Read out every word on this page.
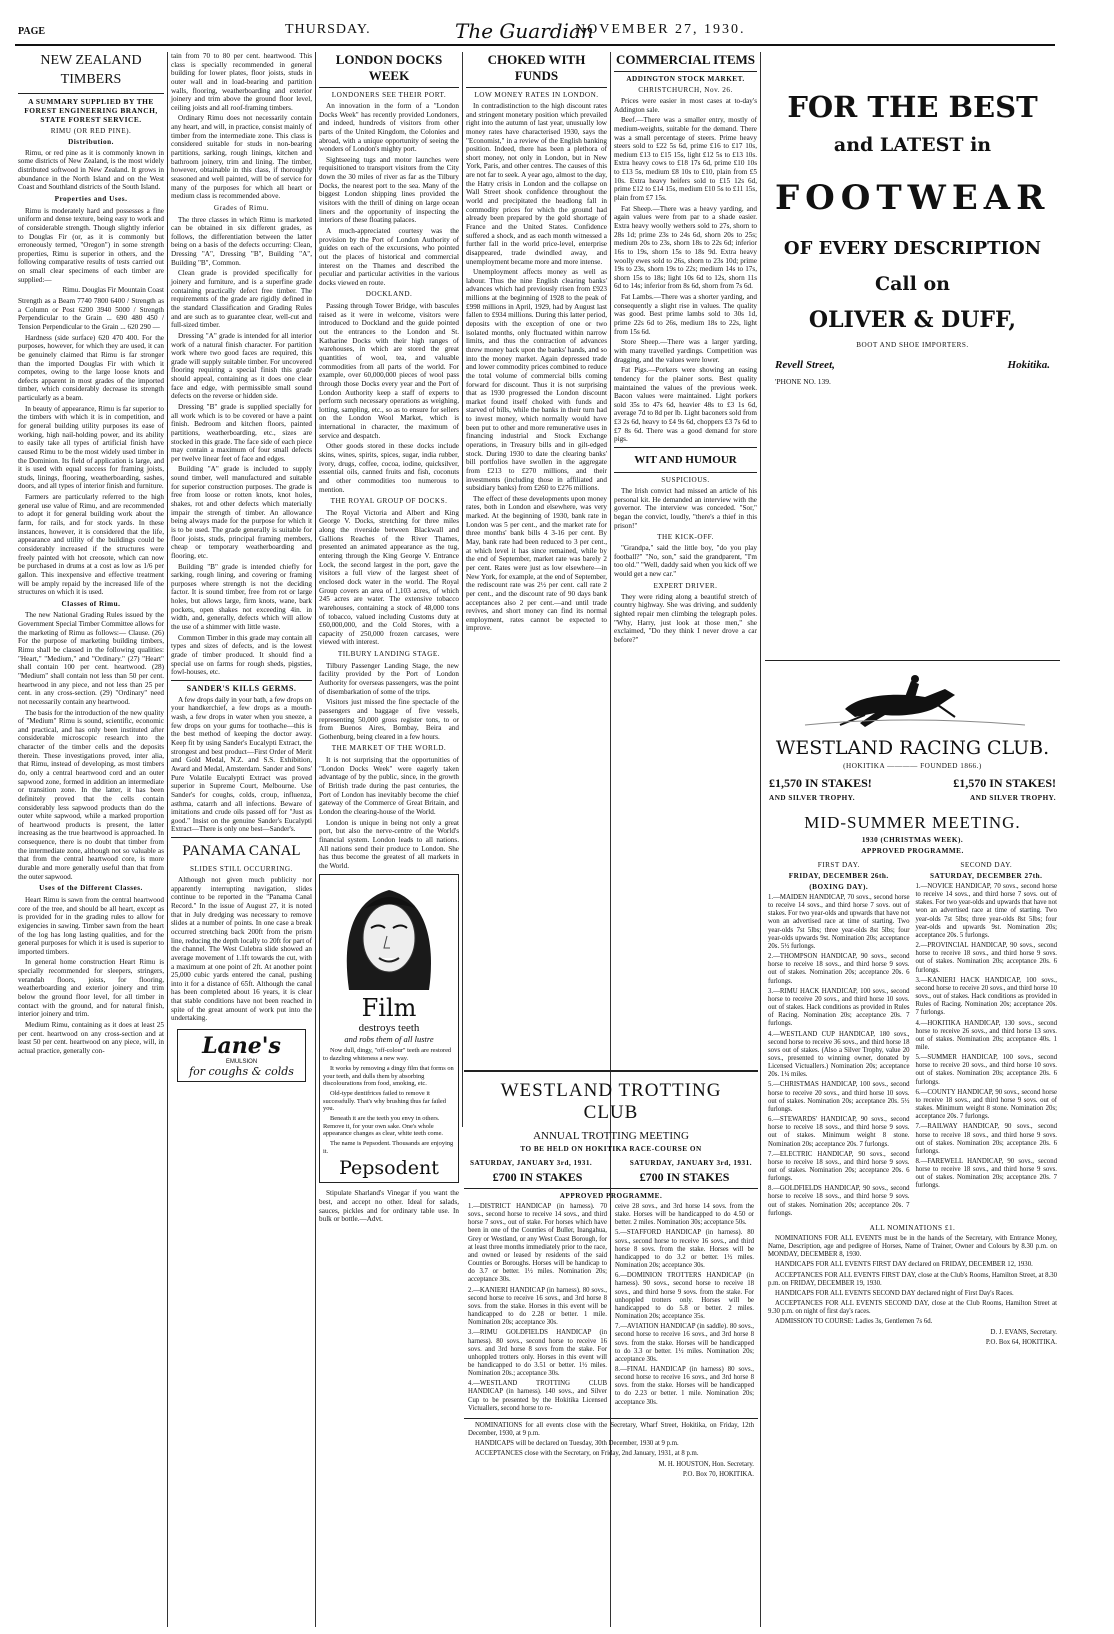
PAGE	THURSDAY.	The Guardian
NOVEMBER 27, 1930.
NEW ZEALAND TIMBERS
A SUMMARY SUPPLIED BY THE FOREST ENGINEERING BRANCH, STATE FOREST SERVICE.
RIMU (OR RED PINE).
Distribution.

Rimu, or red pine as it is commonly known in some districts of New Zealand, is the most widely distributed softwood in New Zealand. It grows in abundance in the North Island and on the West Coast and Southland districts of the South Island.

Properties and Uses.

Rimu is moderately hard and possesses a fine uniform and dense texture, being easy to work and of considerable strength. Though slightly inferior to Douglas Fir (or, as it is commonly but erroneously termed, "Oregon") in some strength properties, Rimu is superior in others, and the following comparative results of tests carried out on small clear specimens of each timber are supplied:—

Rimu. Douglas Fir Mountain Coast

Strength as a Beam 7740 7800 6400 / Strength as a Column or Post 6200 3940 5000 / Strength Perpendicular to the Grain ... 690 480 450 / Tension Perpendicular to the Grain ... 620 290 —

Hardness (side surface) 620 470 400. For the purposes, however, for which they are used, it can be genuinely claimed that Rimu is far stronger than the imported Douglas Fir with which it competes, owing to the large loose knots and defects apparent in most grades of the imported timber, which considerably decrease its strength particularly as a beam.

In beauty of appearance, Rimu is far superior to the timbers with which it is in competition, and for general building utility purposes its ease of working, high nail-holding power, and its ability to easily take all types of artificial finish have caused Rimu to be the most widely used timber in the Dominion. Its field of application is large, and it is used with equal success for framing joists, studs, linings, flooring, weatherboarding, sashes, doors, and all types of interior finish and furniture.

Farmers are particularly referred to the high general use value of Rimu, and are recommended to adopt it for general building work about the farm, for rails, and for stock yards. In these instances, however, it is considered that the life, appearance and utility of the buildings could be considerably increased if the structures were freely painted with hot creosote, which can now be purchased in drums at a cost as low as 1/6 per gallon. This inexpensive and effective treatment will be amply repaid by the increased life of the structures on which it is used.

Classes of Rimu.

The new National Grading Rules issued by the Government Special Timber Committee allows for the marketing of Rimu as follows:— Clause. (26) For the purpose of marketing building timbers, Rimu shall be classed in the following qualities: "Heart," "Medium," and "Ordinary." (27) "Heart" shall contain 100 per cent. heartwood. (28) "Medium" shall contain not less than 50 per cent. heartwood in any piece, and not less than 25 per cent. in any cross-section. (29) "Ordinary" need not necessarily contain any heartwood.

The basis for the introduction of the new quality of "Medium" Rimu is sound, scientific, economic and practical, and has only been instituted after considerable microscopic research into the character of the timber cells and the deposits therein. These investigations proved, inter alia, that Rimu, instead of developing, as most timbers do, only a central heartwood cord and an outer sapwood zone, formed in addition an intermediate or transition zone. In the latter, it has been definitely proved that the cells contain considerably less sapwood products than do the outer white sapwood, while a marked proportion of heartwood products is present, the latter increasing as the true heartwood is approached. In consequence, there is no doubt that timber from the intermediate zone, although not so valuable as that from the central heartwood core, is more durable and more generally useful than that from the outer sapwood.

Uses of the Different Classes.

Heart Rimu is sawn from the central heartwood core of the tree, and should be all heart, except as is provided for in the grading rules to allow for exigencies in sawing. Timber sawn from the heart of the log has long lasting qualities, and for the general purposes for which it is used is superior to imported timbers.

In general home construction Heart Rimu is specially recommended for sleepers, stringers, verandah floors, joists, for flooring, weatherboarding and exterior joinery and trim below the ground floor level, for all timber in contact with the ground, and for natural finish, interior joinery and trim.

Medium Rimu, containing as it does at least 25 per cent. heartwood on any cross-section and at least 50 per cent. heartwood on any piece, will, in actual practice, generally con-

tain from 70 to 80 per cent. heartwood. This class is specially recommended in general building for lower plates, floor joists, studs in outer wall and in load-bearing and partition walls, flooring, weatherboarding and exterior joinery and trim above the ground floor level, ceiling joists and all roof-framing timbers.

Ordinary Rimu does not necessarily contain any heart, and will, in practice, consist mainly of timber from the intermediate zone. This class is considered suitable for studs in non-bearing partitions, sarking, rough linings, kitchen and bathroom joinery, trim and lining. The timber, however, obtainable in this class, if thoroughly seasoned and well painted, will be of service for many of the purposes for which all heart or medium class is recommended above.

Grades of Rimu.

The three classes in which Rimu is marketed can be obtained in six different grades, as follows, the differentiation between the latter being on a basis of the defects occurring: Clean, Dressing "A", Dressing "B", Building "A", Building "B", Common.

Clean grade is provided specifically for joinery and furniture, and is a superfine grade containing practically defect free timber. The requirements of the grade are rigidly defined in the standard Classification and Grading Rules and are such as to guarantee clear, well-cut and full-sized timber.

Dressing "A" grade is intended for all interior work of a natural finish character. For partition work where two good faces are required, this grade will supply suitable timber. For uncovered flooring requiring a special finish this grade should appeal, containing as it does one clear face and edge, with permissible small sound defects on the reverse or hidden side.

Dressing "B" grade is supplied specially for all work which is to be covered or have a paint finish. Bedroom and kitchen floors, painted partitions, weatherboarding, etc., sizes are stocked in this grade. The face side of each piece may contain a maximum of four small defects per twelve linear feet of face and edges.

Building "A" grade is included to supply sound timber, well manufactured and suitable for superior construction purposes. The grade is free from loose or rotten knots, knot holes, shakes, rot and other defects which materially impair the strength of timber. An allowance being always made for the purpose for which it is to be used. The grade generally is suitable for floor joists, studs, principal framing members, cheap or temporary weatherboarding and flooring, etc.

Building "B" grade is intended chiefly for sarking, rough lining, and covering or framing purposes where strength is not the deciding factor. It is sound timber, free from rot or large holes, but allows large, firm knots, wane, bark pockets, open shakes not exceeding 4in. in width, and, generally, defects which will allow the use of a shimmer with little waste.

Common Timber in this grade may contain all types and sizes of defects, and is the lowest grade of timber produced. It should find a special use on farms for rough sheds, pigsties, fowl-houses, etc.

SANDER'S KILLS GERMS.

A few drops daily in your bath, a few drops on your handkerchief, a few drops as a mouth-wash, a few drops in water when you sneeze, a few drops on your gums for toothache—this is the best method of keeping the doctor away. Keep fit by using Sander's Eucalypti Extract, the strongest and best product—First Order of Merit and Gold Medal, N.Z. and S.S. Exhibition, Award and Medal, Amsterdam. Sander and Sons' Pure Volatile Eucalypti Extract was proved superior in Supreme Court, Melbourne. Use Sander's for coughs, colds, croup, influenza, asthma, catarrh and all infections. Beware of imitations and crude oils passed off for "Just as good." Insist on the genuine Sander's Eucalypti Extract—There is only one best—Sander's.

PANAMA CANAL
SLIDES STILL OCCURRING.

Although not given much publicity nor apparently interrupting navigation, slides continue to be reported in the "Panama Canal Record." In the issue of August 27, it is noted that in July dredging was necessary to remove slides at a number of points. In one case a break occurred stretching back 200ft from the prism line, reducing the depth locally to 20ft for part of the channel. The West Culebra slide showed an average movement of 1.1ft towards the cut, with a maximum at one point of 2ft. At another point 25,000 cubic yards entered the canal, pushing into it for a distance of 65ft. Although the canal has been completed about 16 years, it is clear that stable conditions have not been reached in spite of the great amount of work put into the undertaking.

Lane's
EMULSION
for coughs & colds
LONDON DOCKS WEEK
LONDONERS SEE THEIR PORT.

An innovation in the form of a "London Docks Week" has recently provided Londoners, and indeed, hundreds of visitors from other parts of the United Kingdom, the Colonies and abroad, with a unique opportunity of seeing the wonders of London's mighty port.

Sightseeing tugs and motor launches were requisitioned to transport visitors from the City down the 30 miles of river as far as the Tilbury Docks, the nearest port to the sea. Many of the biggest London shipping lines provided the visitors with the thrill of dining on large ocean liners and the opportunity of inspecting the interiors of these floating palaces.

A much-appreciated courtesy was the provision by the Port of London Authority of guides on each of the excursions, who pointed out the places of historical and commercial interest on the Thames and described the peculiar and particular activities in the various docks viewed en route.

DOCKLAND.

Passing through Tower Bridge, with bascules raised as it were in welcome, visitors were introduced to Dockland and the guide pointed out the entrances to the London and St. Katharine Docks with their high ranges of warehouses, in which are stored the great quantities of wool, tea, and valuable commodities from all parts of the world. For example, over 60,000,000 pieces of wool pass through those Docks every year and the Port of London Authority keep a staff of experts to perform such necessary operations as weighing, lotting, sampling, etc., so as to ensure for sellers on the London Wool Market, which is international in character, the maximum of service and despatch.

Other goods stored in these docks include skins, wines, spirits, spices, sugar, india rubber, ivory, drugs, coffee, cocoa, iodine, quicksilver, essential oils, canned fruits and fish, coconuts and other commodities too numerous to mention.

THE ROYAL GROUP OF DOCKS.

The Royal Victoria and Albert and King George V. Docks, stretching for three miles along the riverside between Blackwall and Gallions Reaches of the River Thames, presented an animated appearance as the tug, entering through the King George V. Entrance Lock, the second largest in the port, gave the visitors a full view of the largest sheet of enclosed dock water in the world. The Royal Group covers an area of 1,103 acres, of which 245 acres are water. The extensive tobacco warehouses, containing a stock of 48,000 tons of tobacco, valued including Customs duty at £60,000,000, and the Cold Stores, with a capacity of 250,000 frozen carcases, were viewed with interest.

TILBURY LANDING STAGE.

Tilbury Passenger Landing Stage, the new facility provided by the Port of London Authority for overseas passengers, was the point of disembarkation of some of the trips.

Visitors just missed the fine spectacle of the passengers and baggage of five vessels, representing 50,000 gross register tons, to or from Buenos Aires, Bombay, Beira and Gothenburg, being cleared in a few hours.

THE MARKET OF THE WORLD.

It is not surprising that the opportunities of "London Docks Week" were eagerly taken advantage of by the public, since, in the growth of British trade during the past centuries, the Port of London has inevitably become the chief gateway of the Commerce of Great Britain, and London the clearing-house of the World.

London is unique in being not only a great port, but also the nerve-centre of the World's financial system. London leads to all nations. All nations send their produce to London. She has thus become the greatest of all markets in the World.

Film
destroys teeth
and robs them of all lustre

Now dull, dingy, "off-colour" teeth are restored to dazzling whiteness a new way.

It works by removing a dingy film that forms on your teeth, and dulls them by absorbing discolourations from food, smoking, etc.

Old-type dentifrices failed to remove it successfully. That's why brushing thus far failed you.

Beneath it are the teeth you envy in others. Remove it, for your own sake. One's whole appearance changes as clear, white teeth come.

The name is Pepsodent. Thousands are enjoying it.

Pepsodent

Stipulate Sharland's Vinegar if you want the best, and accept no other. Ideal for salads, sauces, pickles and for ordinary table use. In bulk or bottle.—Advt.

CHOKED WITH FUNDS
LOW MONEY RATES IN LONDON.

In contradistinction to the high discount rates and stringent monetary position which prevailed right into the autumn of last year, unusually low money rates have characterised 1930, says the "Economist," in a review of the English banking position. Indeed, there has been a plethora of short money, not only in London, but in New York, Paris, and other centres. The causes of this are not far to seek. A year ago, almost to the day, the Hatry crisis in London and the collapse on Wall Street shook confidence throughout the world and precipitated the headlong fall in commodity prices for which the ground had already been prepared by the gold shortage of France and the United States. Confidence suffered a shock, and as each month witnessed a further fall in the world price-level, enterprise disappeared, trade dwindled away, and unemployment became more and more intense.

Unemployment affects money as well as labour. Thus the nine English clearing banks' advances which had previously risen from £923 millions at the beginning of 1928 to the peak of £998 millions in April, 1929, had by August last fallen to £934 millions. During this latter period, deposits with the exception of one or two isolated months, only fluctuated within narrow limits, and thus the contraction of advances threw money back upon the banks' hands, and so into the money market. Again depressed trade and lower commodity prices combined to reduce the total volume of commercial bills coming forward for discount. Thus it is not surprising that as 1930 progressed the London discount market found itself choked with funds and starved of bills, while the banks in their turn had to invest money, which normally would have been put to other and more remunerative uses in financing industrial and Stock Exchange operations, in Treasury bills and in gilt-edged stock. During 1930 to date the clearing banks' bill portfolios have swollen in the aggregate from £213 to £270 millions, and their investments (including those in affiliated and subsidiary banks) from £260 to £276 millions.

The effect of these developments upon money rates, both in London and elsewhere, was very marked. At the beginning of 1930, bank rate in London was 5 per cent., and the market rate for three months' bank bills 4 3-16 per cent. By May, bank rate had been reduced to 3 per cent., at which level it has since remained, while by the end of September, market rate was barely 2 per cent. Rates were just as low elsewhere—in New York, for example, at the end of September, the rediscount rate was 2½ per cent. call rate 2 per cent., and the discount rate of 90 days bank acceptances also 2 per cent.—and until trade revives, and short money can find its normal employment, rates cannot be expected to improve.

COMMERCIAL ITEMS
ADDINGTON STOCK MARKET.
CHRISTCHURCH, Nov. 26.

Prices were easier in most cases at to-day's Addington sale.

Beef.—There was a smaller entry, mostly of medium-weights, suitable for the demand. There was a small percentage of steers. Prime heavy steers sold to £22 5s 6d, prime £16 to £17 10s, medium £13 to £15 15s, light £12 5s to £13 10s. Extra heavy cows to £18 17s 6d, prime £10 10s to £13 5s, medium £8 10s to £10, plain from £5 10s. Extra heavy heifers sold to £15 12s 6d, prime £12 to £14 15s, medium £10 5s to £11 15s, plain from £7 15s.

Fat Sheep.—There was a heavy yarding, and again values were from par to a shade easier. Extra heavy woolly wethers sold to 27s, shorn to 28s 1d; prime 23s to 24s 6d, shorn 20s to 25s; medium 20s to 23s, shorn 18s to 22s 6d; inferior 16s to 19s, shorn 15s to 18s 9d. Extra heavy woolly ewes sold to 26s, shorn to 23s 10d; prime 19s to 23s, shorn 19s to 22s; medium 14s to 17s, shorn 15s to 18s; light 10s 6d to 12s, shorn 11s 6d to 14s; inferior from 8s 6d, shorn from 7s 6d.

Fat Lambs.—There was a shorter yarding, and consequently a slight rise in values. The quality was good. Best prime lambs sold to 30s 1d, prime 22s 6d to 26s, medium 18s to 22s, light from 15s 6d.

Store Sheep.—There was a larger yarding, with many travelled yardings. Competition was dragging, and the values were lower.

Fat Pigs.—Porkers were showing an easing tendency for the plainer sorts. Best quality maintained the values of the previous week. Bacon values were maintained. Light porkers sold 35s to 47s 6d, heavier 48s to £3 1s 6d, average 7d to 8d per lb. Light baconers sold from £3 2s 6d, heavy to £4 9s 6d, choppers £3 7s 6d to £7 8s 6d. There was a good demand for store pigs.

WIT AND HUMOUR
SUSPICIOUS.

The Irish convict had missed an article of his personal kit. He demanded an interview with the governor. The interview was conceded. "Sor," began the convict, loudly, "there's a thief in this prison!"

THE KICK-OFF.

"Grandpa," said the little boy, "do you play football?" "No, son," said the grandparent, "I'm too old." "Well, daddy said when you kick off we would get a new car."

EXPERT DRIVER.

They were riding along a beautiful stretch of country highway. She was driving, and suddenly sighted repair men climbing the telegraph poles. "Why, Harry, just look at those men," she exclaimed, "Do they think I never drove a car before?"

WESTLAND TROTTING
CLUB
ANNUAL TROTTING MEETING
TO BE HELD ON HOKITIKA RACE-COURSE ON
SATURDAY, JANUARY 3rd, 1931.	SATURDAY, JANUARY 3rd, 1931.
£700 IN STAKES	£700 IN STAKES
APPROVED PROGRAMME.

1.—DISTRICT HANDICAP (in harness). 70 sovs., second horse to receive 14 sovs., and third horse 7 sovs., out of stake. For horses which have been in one of the Counties of Buller, Inangahua, Grey or Westland, or any West Coast Borough, for at least three months immediately prior to the race, and owned or leased by residents of the said Counties or Boroughs. Horses will be handicap to do 3.7 or better. 1½ miles. Nomination 20s; acceptance 30s.

2.—KANIERI HANDICAP (in harness). 80 sovs., second horse to receive 16 sovs., and 3rd horse 8 sovs. from the stake. Horses in this event will be handicapped to do 2.28 or better. 1 mile. Nomination 20s; acceptance 30s.

3.—RIMU GOLDFIELDS HANDICAP (in harness). 80 sovs., second horse to receive 16 sovs. and 3rd horse 8 sovs from the stake. For unhoppled trotters only. Horses in this event will be handicapped to do 3.51 or better. 1½ miles. Nomination 20s.; acceptance 30s.

4.—WESTLAND TROTTING CLUB HANDICAP (in harness). 140 sovs., and Silver Cup to be presented by the Hokitika Licensed Victuallers, second horse to re-

ceive 28 sovs., and 3rd horse 14 sovs. from the stake. Horses will be handicapped to do 4.50 or better. 2 miles. Nomination 30s; acceptance 50s.

5.—STAFFORD HANDICAP (in harness). 80 sovs., second horse to receive 16 sovs., and third horse 8 sovs. from the stake. Horses will be handicapped to do 3.2 or better. 1½ miles. Nomination 20s; acceptance 30s.

6.—DOMINION TROTTERS HANDICAP (in harness). 90 sovs., second horse to receive 18 sovs., and third horse 9 sovs. from the stake. For unhoppled trotters only. Horses will be handicapped to do 5.8 or better. 2 miles. Nomination 20s; acceptance 35s.

7.—AVIATION HANDICAP (in saddle). 80 sovs., second horse to receive 16 sovs., and 3rd horse 8 sovs. from the stake. Horses will be handicapped to do 3.3 or better. 1½ miles. Nomination 20s; acceptance 30s.

8.—FINAL HANDICAP (in harness) 80 sovs., second horse to receive 16 sovs., and 3rd horse 8 sovs. from the stake. Horses will be handicapped to do 2.23 or better. 1 mile. Nomination 20s; acceptance 30s.

NOMINATIONS for all events close with the Secretary, Wharf Street, Hokitika, on Friday, 12th December, 1930, at 9 p.m.

HANDICAPS will be declared on Tuesday, 30th December, 1930 at 9 p.m.

ACCEPTANCES close with the Secretary, on Friday, 2nd January, 1931, at 8 p.m.

M. H. HOUSTON, Hon. Secretary.

P.O. Box 70, HOKITIKA.

FOR THE BEST
and LATEST in
FOOTWEAR
OF EVERY DESCRIPTION
Call on
OLIVER & DUFF,
BOOT AND SHOE IMPORTERS.
Revell Street,	Hokitika.
'PHONE NO. 139.
WESTLAND RACING CLUB.
(HOKITIKA ———— FOUNDED 1866.)
£1,570 IN STAKES!	£1,570 IN STAKES!
AND SILVER TROPHY.	AND SILVER TROPHY.
MID-SUMMER MEETING.
1930 (CHRISTMAS WEEK).
APPROVED PROGRAMME.
FIRST DAY.
FRIDAY, DECEMBER 26th.
(BOXING DAY).

1.—MAIDEN HANDICAP, 70 sovs., second horse to receive 14 sovs., and third horse 7 sovs. out of stakes. For two year-olds and upwards that have not won an advertised race at time of starting. Two year-olds 7st 5lbs; three year-olds 8st 5lbs; four year-olds upwards 9st. Nomination 20s; acceptance 20s. 5½ furlongs.

2.—THOMPSON HANDICAP, 90 sovs., second horse to receive 18 sovs., and third horse 9 sovs. out of stakes. Nomination 20s; acceptance 20s. 6 furlongs.

3.—RIMU HACK HANDICAP, 100 sovs., second horse to receive 20 sovs., and third horse 10 sovs. out of stakes. Hack conditions as provided in Rules of Racing. Nomination 20s; acceptance 20s. 7 furlongs.

4.—WESTLAND CUP HANDICAP, 180 sovs., second horse to receive 36 sovs., and third horse 18 sovs out of stakes. (Also a Silver Trophy, value 20 sovs., presented to winning owner, donated by Licensed Victuallers.) Nomination 20s; acceptance 20s. 1¼ miles.

5.—CHRISTMAS HANDICAP, 100 sovs., second horse to receive 20 sovs., and third horse 10 sovs. out of stakes. Nomination 20s; acceptance 20s. 5½ furlongs.

6.—STEWARDS' HANDICAP, 90 sovs., second horse to receive 18 sovs., and third horse 9 sovs. out of stakes. Minimum weight 8 stone. Nomination 20s; acceptance 20s. 7 furlongs.

7.—ELECTRIC HANDICAP, 90 sovs., second horse to receive 18 sovs., and third horse 9 sovs. out of stakes. Nomination 20s; acceptance 20s. 6 furlongs.

8.—GOLDFIELDS HANDICAP, 90 sovs., second horse to receive 18 sovs., and third horse 9 sovs. out of stakes. Nomination 20s; acceptance 20s. 7 furlongs.

SECOND DAY.
SATURDAY, DECEMBER 27th.

1.—NOVICE HANDICAP, 70 sovs., second horse to receive 14 sovs., and third horse 7 sovs. out of stakes. For two year-olds and upwards that have not won an advertised race at time of starting. Two year-olds 7st 5lbs; three year-olds 8st 5lbs; four year-olds and upwards 9st. Nomination 20s; acceptance 20s. 5 furlongs.

2.—PROVINCIAL HANDICAP, 90 sovs., second horse to receive 18 sovs., and third horse 9 sovs. out of stakes. Nomination 20s; acceptance 20s. 6 furlongs.

3.—KANIERI HACK HANDICAP, 100 sovs., second horse to receive 20 sovs., and third horse 10 sovs., out of stakes. Hack conditions as provided in Rules of Racing. Nomination 20s; acceptance 20s. 7 furlongs.

4.—HOKITIKA HANDICAP, 130 sovs., second horse to receive 26 sovs., and third horse 13 sovs. out of stakes. Nomination 20s; acceptance 40s. 1 mile.

5.—SUMMER HANDICAP, 100 sovs., second horse to receive 20 sovs., and third horse 10 sovs. out of stakes. Nomination 20s; acceptance 20s. 6 furlongs.

6.—COUNTY HANDICAP, 90 sovs., second horse to receive 18 sovs., and third horse 9 sovs. out of stakes. Minimum weight 8 stone. Nomination 20s; acceptance 20s. 7 furlongs.

7.—RAILWAY HANDICAP, 90 sovs., second horse to receive 18 sovs., and third horse 9 sovs. out of stakes. Nomination 20s; acceptance 20s. 6 furlongs.

8.—FAREWELL HANDICAP, 90 sovs., second horse to receive 18 sovs., and third horse 9 sovs. out of stakes. Nomination 20s; acceptance 20s. 7 furlongs.

ALL NOMINATIONS £1.

NOMINATIONS FOR ALL EVENTS must be in the hands of the Secretary, with Entrance Money, Name, Description, age and pedigree of Horses, Name of Trainer, Owner and Colours by 8.30 p.m. on MONDAY, DECEMBER 8, 1930.

HANDICAPS FOR ALL EVENTS FIRST DAY declared on FRIDAY, DECEMBER 12, 1930.

ACCEPTANCES FOR ALL EVENTS FIRST DAY, close at the Club's Rooms, Hamilton Street, at 8.30 p.m. on FRIDAY, DECEMBER 19, 1930.

HANDICAPS FOR ALL EVENTS SECOND DAY declared night of First Day's Races.

ACCEPTANCES FOR ALL EVENTS SECOND DAY, close at the Club Rooms, Hamilton Street at 9.30 p.m. on night of first day's races.

ADMISSION TO COURSE: Ladies 3s, Gentlemen 7s 6d.

D. J. EVANS, Secretary.

P.O. Box 64, HOKITIKA.
